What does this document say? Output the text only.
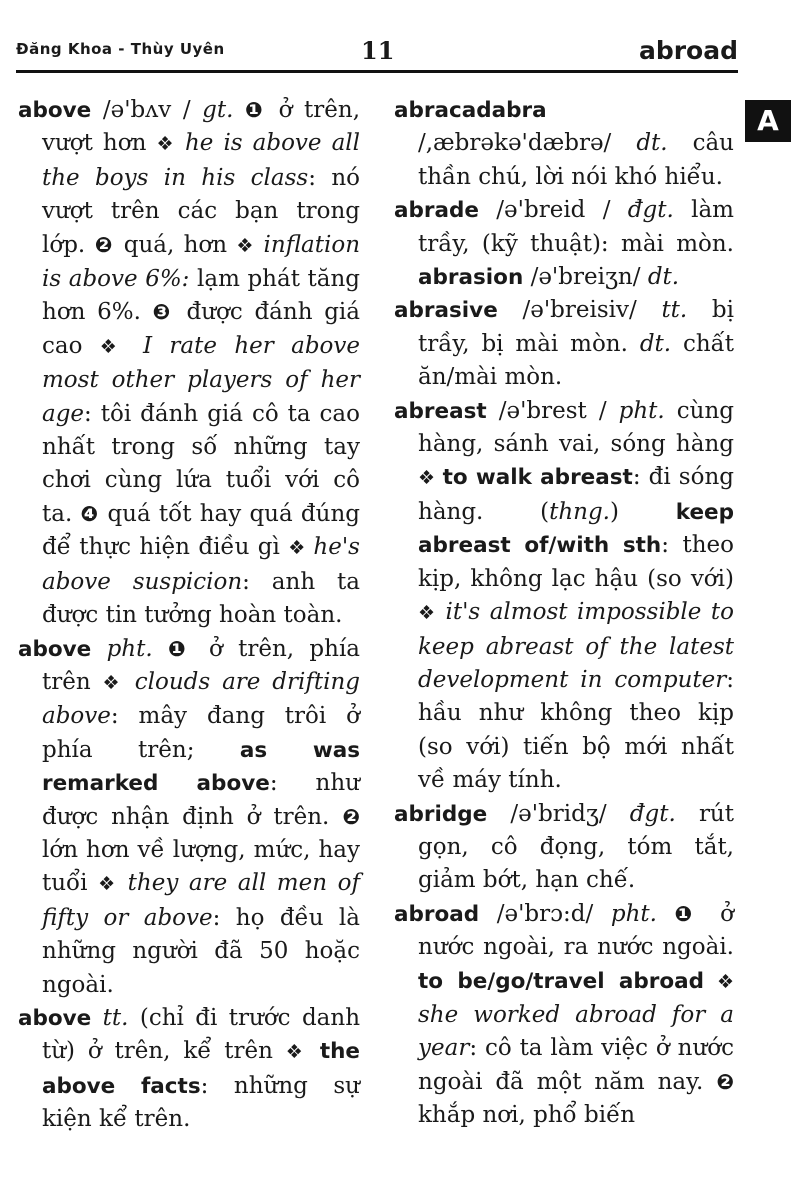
Đăng Khoa - Thùy Uyên	11	abroad
A

above /ə'bʌv / gt. ❶ ở trên, vượt hơn ❖ he is above all the boys in his class: nó vượt trên các bạn trong lớp. ❷ quá, hơn ❖ inflation is above 6%: lạm phát tăng hơn 6%. ❸ được đánh giá cao ❖ I rate her above most other players of her age: tôi đánh giá cô ta cao nhất trong số những tay chơi cùng lứa tuổi với cô ta. ❹ quá tốt hay quá đúng để thực hiện điều gì ❖ he's above suspicion: anh ta được tin tưởng hoàn toàn.

above pht. ❶ ở trên, phía trên ❖ clouds are drifting above: mây đang trôi ở phía trên; as was remarked above: như được nhận định ở trên. ❷ lớn hơn về lượng, mức, hay tuổi ❖ they are all men of fifty or above: họ đều là những người đã 50 hoặc ngoài.

above tt. (chỉ đi trước danh từ) ở trên, kể trên ❖ the above facts: những sự kiện kể trên.

abracadabra /,æbrəkə'dæbrə/ dt. câu thần chú, lời nói khó hiểu.

abrade /ə'breid / đgt. làm trầy, (kỹ thuật): mài mòn. abrasion /ə'breiʒn/ dt.

abrasive /ə'breisiv/ tt. bị trầy, bị mài mòn. dt. chất ăn/mài mòn.

abreast /ə'brest / pht. cùng hàng, sánh vai, sóng hàng ❖ to walk abreast: đi sóng hàng. (thng.) keep abreast of/with sth: theo kịp, không lạc hậu (so với) ❖ it's almost impossible to keep abreast of the latest development in computer: hầu như không theo kịp (so với) tiến bộ mới nhất về máy tính.

abridge /ə'bridʒ/ đgt. rút gọn, cô đọng, tóm tắt, giảm bớt, hạn chế.

abroad /ə'brɔ:d/ pht. ❶ ở nước ngoài, ra nước ngoài. to be/go/travel abroad ❖ she worked abroad for a year: cô ta làm việc ở nước ngoài đã một năm nay. ❷ khắp nơi, phổ biến
